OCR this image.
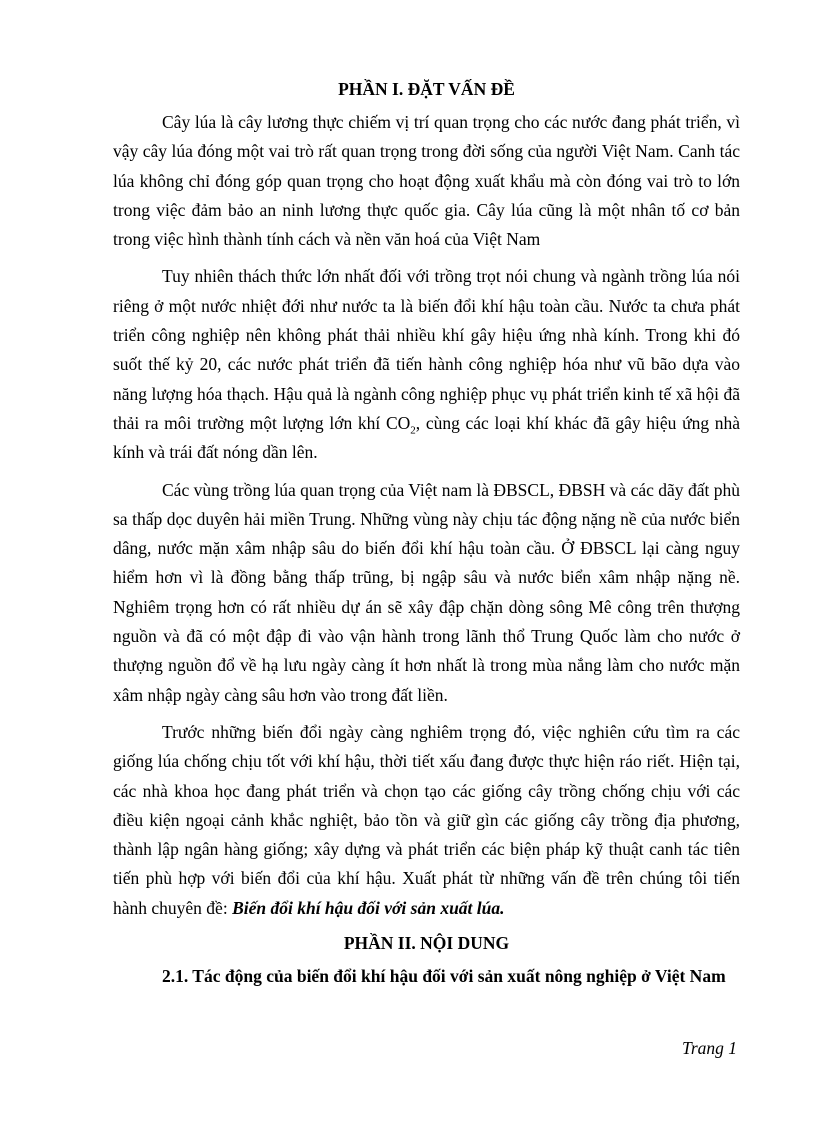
PHẦN I. ĐẶT VẤN ĐỀ

Cây lúa là cây lương thực chiếm vị trí quan trọng cho các nước đang phát triển, vì vậy cây lúa đóng một vai trò rất quan trọng trong đời sống của người Việt Nam. Canh tác lúa không chỉ đóng góp quan trọng cho hoạt động xuất khẩu mà còn đóng vai trò to lớn trong việc đảm bảo an ninh lương thực quốc gia. Cây lúa cũng là một nhân tố cơ bản trong việc hình thành tính cách và nền văn hoá của Việt Nam

Tuy nhiên thách thức lớn nhất đối với trồng trọt nói chung và ngành trồng lúa nói riêng ở một nước nhiệt đới như nước ta là biến đổi khí hậu toàn cầu. Nước ta chưa phát triển công nghiệp nên không phát thải nhiều khí gây hiệu ứng nhà kính. Trong khi đó suốt thế kỷ 20, các nước phát triển đã tiến hành công nghiệp hóa như vũ bão dựa vào năng lượng hóa thạch. Hậu quả là ngành công nghiệp phục vụ phát triển kinh tế xã hội đã thải ra môi trường một lượng lớn khí $CO_2$, cùng các loại khí khác đã gây hiệu ứng nhà kính và trái đất nóng dần lên.

Các vùng trồng lúa quan trọng của Việt nam là ĐBSCL, ĐBSH và các dãy đất phù sa thấp dọc duyên hải miền Trung. Những vùng này chịu tác động nặng nề của nước biển dâng, nước mặn xâm nhập sâu do biến đổi khí hậu toàn cầu. Ở ĐBSCL lại càng nguy hiểm hơn vì là đồng bằng thấp trũng, bị ngập sâu và nước biển xâm nhập nặng nề. Nghiêm trọng hơn có rất nhiều dự án sẽ xây đập chặn dòng sông Mê công trên thượng nguồn và đã có một đập đi vào vận hành trong lãnh thổ Trung Quốc làm cho nước ở thượng nguồn đổ về hạ lưu ngày càng ít hơn nhất là trong mùa nắng làm cho nước mặn xâm nhập ngày càng sâu hơn vào trong đất liền.

Trước những biến đổi ngày càng nghiêm trọng đó, việc nghiên cứu tìm ra các giống lúa chống chịu tốt với khí hậu, thời tiết xấu đang được thực hiện ráo riết. Hiện tại, các nhà khoa học đang phát triển và chọn tạo các giống cây trồng chống chịu với các điều kiện ngoại cảnh khắc nghiệt, bảo tồn và giữ gìn các giống cây trồng địa phương, thành lập ngân hàng giống; xây dựng và phát triển các biện pháp kỹ thuật canh tác tiên tiến phù hợp với biến đổi của khí hậu. Xuất phát từ những vấn đề trên chúng tôi tiến hành chuyên đề: Biến đổi khí hậu đối với sản xuất lúa.

PHẦN II. NỘI DUNG

2.1. Tác động của biến đổi khí hậu đối với sản xuất nông nghiệp ở Việt Nam

Trang 1
